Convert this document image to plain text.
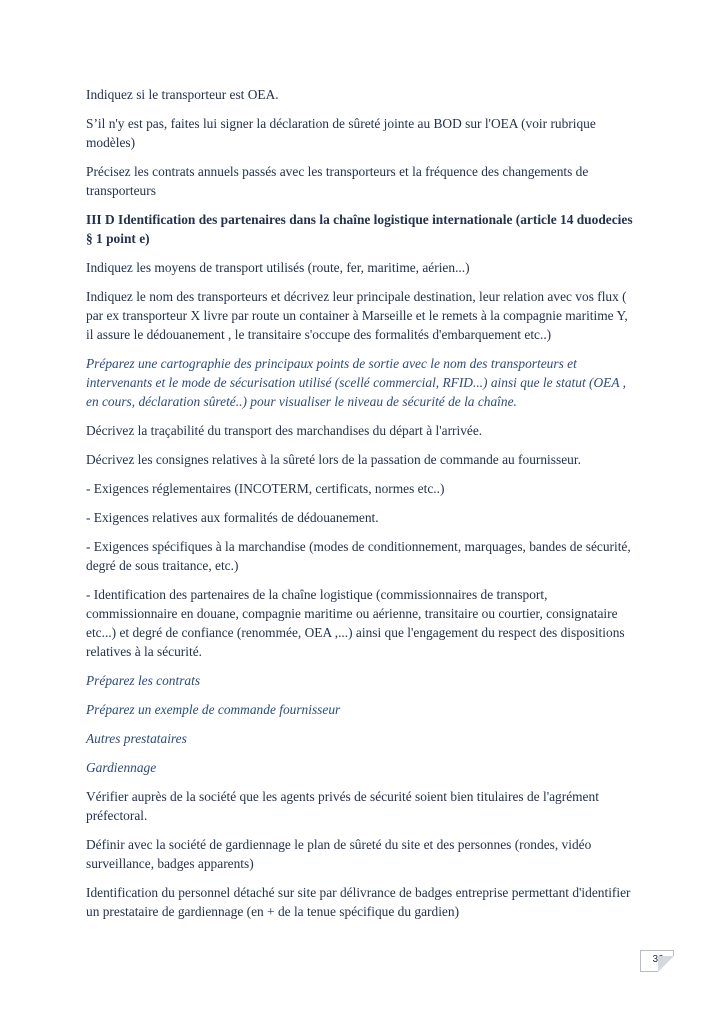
Indiquez si le transporteur est OEA.

S’il n'y est pas, faites lui signer la déclaration de sûreté jointe au BOD sur l'OEA (voir rubrique
modèles)

Précisez les contrats annuels passés avec les transporteurs et la fréquence des changements de
transporteurs

III D Identification des partenaires dans la chaîne logistique internationale (article 14 duodecies
§ 1 point e)

Indiquez les moyens de transport utilisés (route, fer, maritime, aérien...)

Indiquez le nom des transporteurs et décrivez leur principale destination, leur relation avec vos flux (
par ex transporteur X livre par route un container à Marseille et le remets à la compagnie maritime Y,
il assure le dédouanement , le transitaire s'occupe des formalités d'embarquement etc..)

Préparez une cartographie des principaux points de sortie avec le nom des transporteurs et
intervenants et le mode de sécurisation utilisé (scellé commercial, RFID...) ainsi que le statut (OEA ,
en cours, déclaration sûreté..) pour visualiser le niveau de sécurité de la chaîne.

Décrivez la traçabilité du transport des marchandises du départ à l'arrivée.

Décrivez les consignes relatives à la sûreté lors de la passation de commande au fournisseur.

- Exigences réglementaires (INCOTERM, certificats, normes etc..)

- Exigences relatives aux formalités de dédouanement.

- Exigences spécifiques à la marchandise (modes de conditionnement, marquages, bandes de sécurité,
degré de sous traitance, etc.)

- Identification des partenaires de la chaîne logistique (commissionnaires de transport,
commissionnaire en douane, compagnie maritime ou aérienne, transitaire ou courtier, consignataire
etc...) et degré de confiance (renommée, OEA ,...) ainsi que l'engagement du respect des dispositions
relatives à la sécurité.

Préparez les contrats

Préparez un exemple de commande fournisseur

Autres prestataires

Gardiennage

Vérifier auprès de la société que les agents privés de sécurité soient bien titulaires de l'agrément
préfectoral.

Définir avec la société de gardiennage le plan de sûreté du site et des personnes (rondes, vidéo
surveillance, badges apparents)

Identification du personnel détaché sur site par délivrance de badges entreprise permettant d'identifier
un prestataire de gardiennage (en + de la tenue spécifique du gardien)

36
